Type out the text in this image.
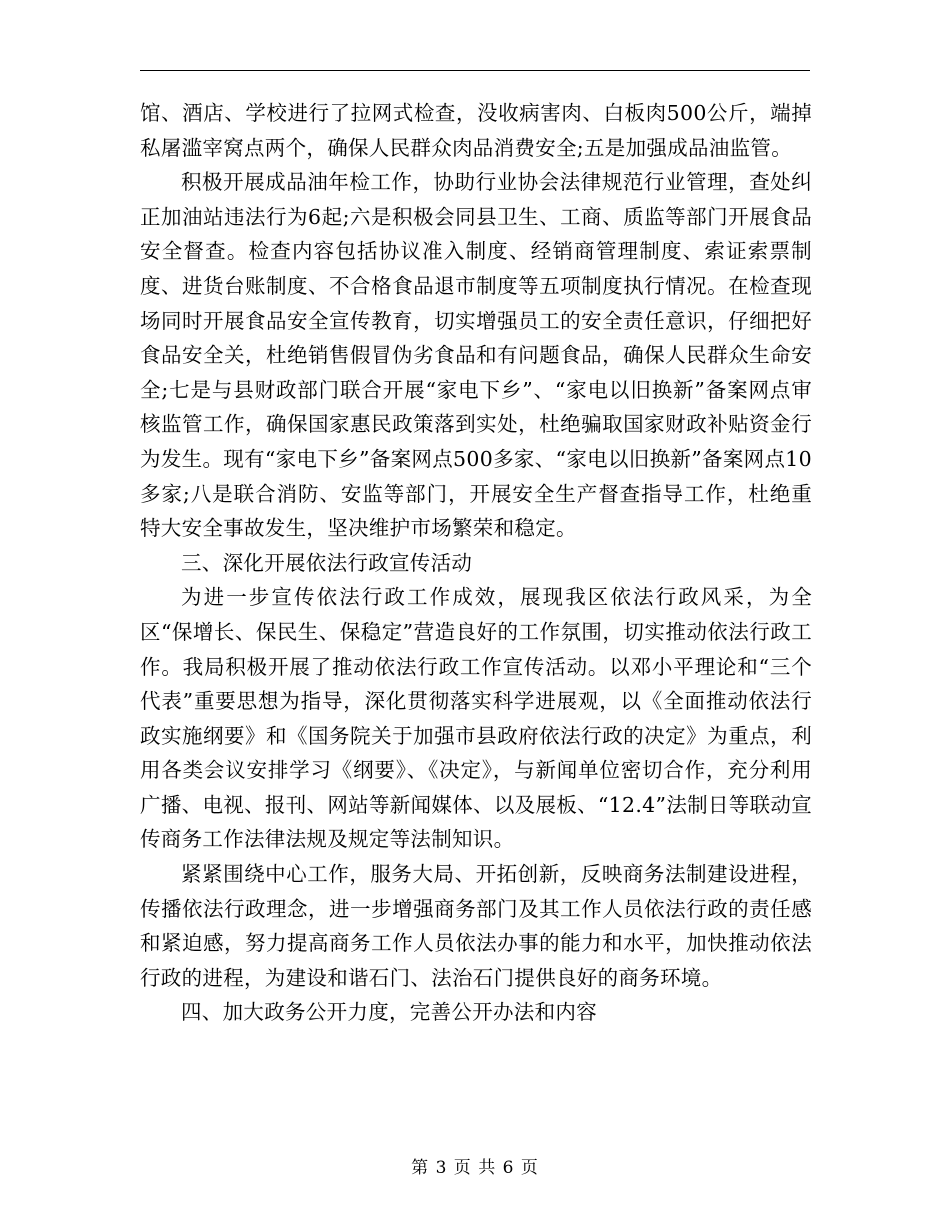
馆、酒店、学校进行了拉网式检查，没收病害肉、白板肉500公斤，端掉私屠滥宰窝点两个，确保人民群众肉品消费安全;五是加强成品油监管。

积极开展成品油年检工作，协助行业协会法律规范行业管理，查处纠正加油站违法行为6起;六是积极会同县卫生、工商、质监等部门开展食品安全督查。检查内容包括协议准入制度、经销商管理制度、索证索票制度、进货台账制度、不合格食品退市制度等五项制度执行情况。在检查现场同时开展食品安全宣传教育，切实增强员工的安全责任意识，仔细把好食品安全关，杜绝销售假冒伪劣食品和有问题食品，确保人民群众生命安全;七是与县财政部门联合开展“家电下乡”、“家电以旧换新”备案网点审核监管工作，确保国家惠民政策落到实处，杜绝骗取国家财政补贴资金行为发生。现有“家电下乡”备案网点500多家、“家电以旧换新”备案网点10多家;八是联合消防、安监等部门，开展安全生产督查指导工作，杜绝重特大安全事故发生，坚决维护市场繁荣和稳定。

三、深化开展依法行政宣传活动

为进一步宣传依法行政工作成效，展现我区依法行政风采，为全区“保增长、保民生、保稳定”营造良好的工作氛围，切实推动依法行政工作。我局积极开展了推动依法行政工作宣传活动。以邓小平理论和“三个代表”重要思想为指导，深化贯彻落实科学进展观，以《全面推动依法行政实施纲要》和《国务院关于加强市县政府依法行政的决定》为重点，利用各类会议安排学习《纲要》、《决定》，与新闻单位密切合作，充分利用广播、电视、报刊、网站等新闻媒体、以及展板、“12.4”法制日等联动宣传商务工作法律法规及规定等法制知识。

紧紧围绕中心工作，服务大局、开拓创新，反映商务法制建设进程，传播依法行政理念，进一步增强商务部门及其工作人员依法行政的责任感和紧迫感，努力提高商务工作人员依法办事的能力和水平，加快推动依法行政的进程，为建设和谐石门、法治石门提供良好的商务环境。

四、加大政务公开力度，完善公开办法和内容

第 3 页 共 6 页
